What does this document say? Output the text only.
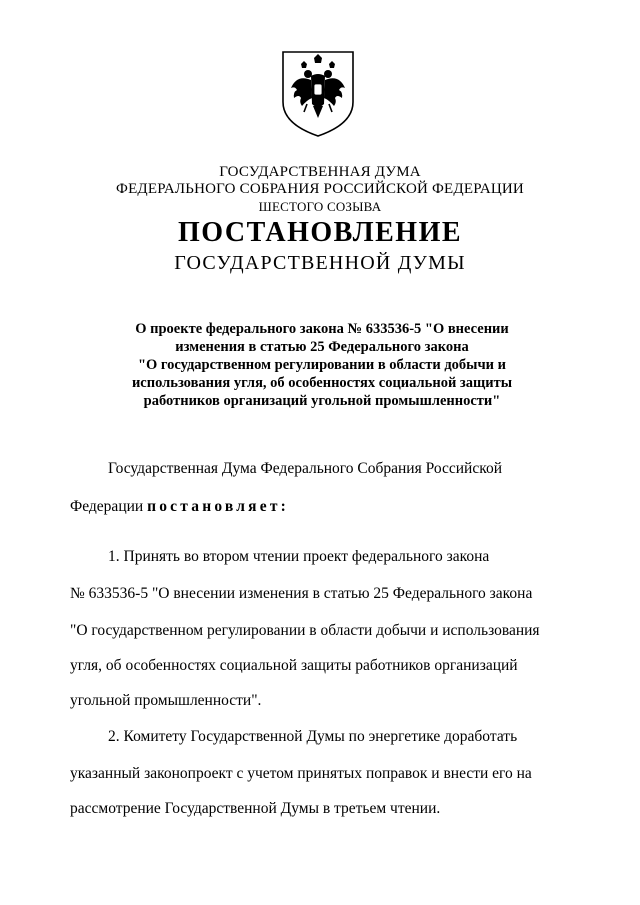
ГОСУДАРСТВЕННАЯ ДУМА
ФЕДЕРАЛЬНОГО СОБРАНИЯ РОССИЙСКОЙ ФЕДЕРАЦИИ
ШЕСТОГО СОЗЫВА
ПОСТАНОВЛЕНИЕ
ГОСУДАРСТВЕННОЙ ДУМЫ
О проекте федерального закона № 633536-5 "О внесении
изменения в статью 25 Федерального закона
"О государственном регулировании в области добычи и
использования угля, об особенностях социальной защиты
работников организаций угольной промышленности"
Государственная Дума Федерального Собрания Российской
Федерации постановляет:
1. Принять во втором чтении проект федерального закона
№ 633536-5 "О внесении изменения в статью 25 Федерального закона
"О государственном регулировании в области добычи и использования
угля, об особенностях социальной защиты работников организаций
угольной промышленности".
2. Комитету Государственной Думы по энергетике доработать
указанный законопроект с учетом принятых поправок и внести его на
рассмотрение Государственной Думы в третьем чтении.
